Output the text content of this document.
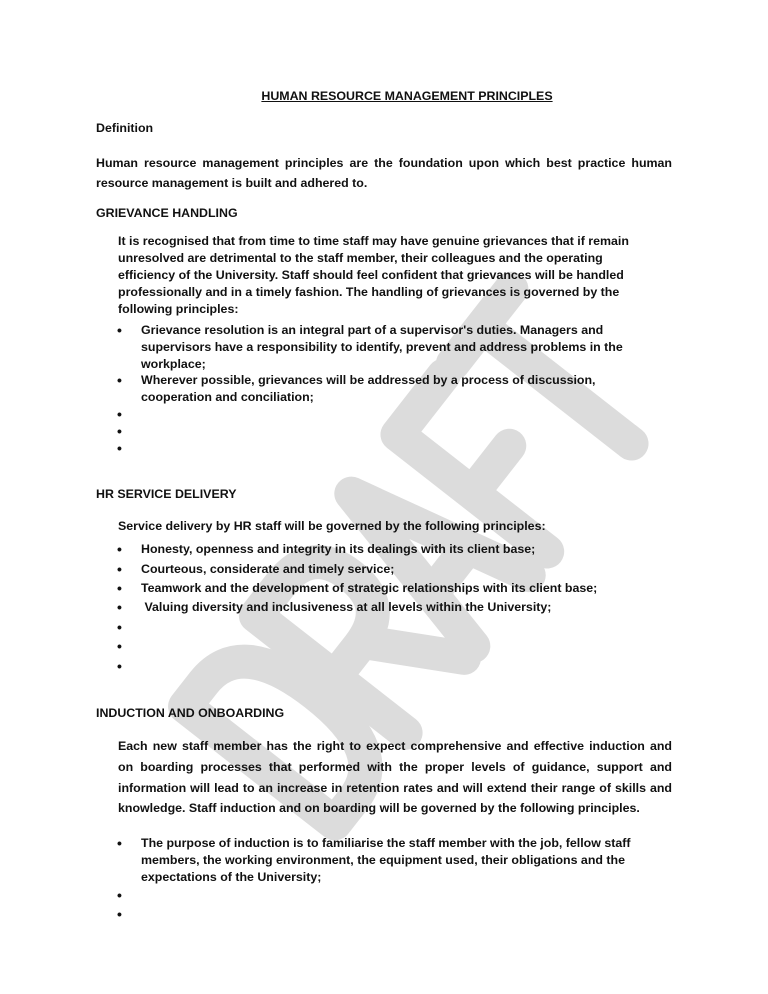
HUMAN RESOURCE MANAGEMENT PRINCIPLES
Definition
Human resource management principles are the foundation upon which best practice human
resource management is built and adhered to.
GRIEVANCE HANDLING
It is recognised that from time to time staff may have genuine grievances that if remain
unresolved are detrimental to the staff member, their colleagues and the operating
efficiency of the University. Staff should feel confident that grievances will be handled
professionally and in a timely fashion. The handling of grievances is governed by the
following principles:
• Grievance resolution is an integral part of a supervisor's duties. Managers and
supervisors have a responsibility to identify, prevent and address problems in the
workplace;
• Wherever possible, grievances will be addressed by a process of discussion,
cooperation and conciliation;
•
•
•
HR SERVICE DELIVERY
Service delivery by HR staff will be governed by the following principles:
• Honesty, openness and integrity in its dealings with its client base;
• Courteous, considerate and timely service;
• Teamwork and the development of strategic relationships with its client base;
• Valuing diversity and inclusiveness at all levels within the University;
•
•
•
INDUCTION AND ONBOARDING
Each new staff member has the right to expect comprehensive and effective induction and
on boarding processes that performed with the proper levels of guidance, support and
information will lead to an increase in retention rates and will extend their range of skills and
knowledge. Staff induction and on boarding will be governed by the following principles.
• The purpose of induction is to familiarise the staff member with the job, fellow staff
members, the working environment, the equipment used, their obligations and the
expectations of the University;
•
•
